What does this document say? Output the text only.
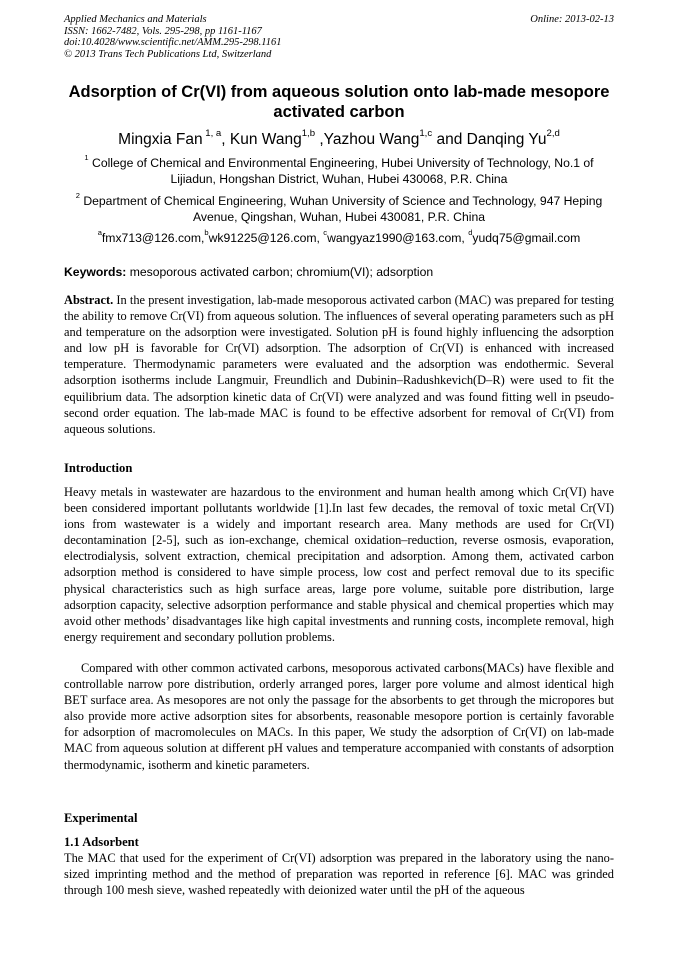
Applied Mechanics and Materials
ISSN: 1662-7482, Vols. 295-298, pp 1161-1167
doi:10.4028/www.scientific.net/AMM.295-298.1161
© 2013 Trans Tech Publications Ltd, Switzerland
Online: 2013-02-13
Adsorption of Cr(VI) from aqueous solution onto lab-made mesopore activated carbon
Mingxia Fan $^{1, a}$, Kun Wang$^{1,b}$ ,Yazhou Wang$^{1,c}$ and Danqing Yu$^{2,d}$
$^1$ College of Chemical and Environmental Engineering, Hubei University of Technology, No.1 of Lijiadun, Hongshan District, Wuhan, Hubei 430068, P.R. China
$^2$ Department of Chemical Engineering, Wuhan University of Science and Technology, 947 Heping Avenue, Qingshan, Wuhan, Hubei 430081, P.R. China
$^a$fmx713@126.com,$^b$wk91225@126.com, $^c$wangyaz1990@163.com, $^d$yudq75@gmail.com
Keywords: mesoporous activated carbon; chromium(VI); adsorption

Abstract. In the present investigation, lab-made mesoporous activated carbon (MAC) was prepared for testing the ability to remove Cr(VI) from aqueous solution. The influences of several operating parameters such as pH and temperature on the adsorption were investigated. Solution pH is found highly influencing the adsorption and low pH is favorable for Cr(VI) adsorption. The adsorption of Cr(VI) is enhanced with increased temperature. Thermodynamic parameters were evaluated and the adsorption was endothermic. Several adsorption isotherms include Langmuir, Freundlich and Dubinin–Radushkevich(D–R) were used to fit the equilibrium data. The adsorption kinetic data of Cr(VI) were analyzed and was found fitting well in pseudo-second order equation. The lab-made MAC is found to be effective adsorbent for removal of Cr(VI) from aqueous solutions.

Introduction

Heavy metals in wastewater are hazardous to the environment and human health among which Cr(VI) have been considered important pollutants worldwide [1].In last few decades, the removal of toxic metal Cr(VI) ions from wastewater is a widely and important research area. Many methods are used for Cr(VI) decontamination [2-5], such as ion-exchange, chemical oxidation–reduction, reverse osmosis, evaporation, electrodialysis, solvent extraction, chemical precipitation and adsorption. Among them, activated carbon adsorption method is considered to have simple process, low cost and perfect removal due to its specific physical characteristics such as high surface areas, large pore volume, suitable pore distribution, large adsorption capacity, selective adsorption performance and stable physical and chemical properties which may avoid other methods’ disadvantages like high capital investments and running costs, incomplete removal, high energy requirement and secondary pollution problems.

Compared with other common activated carbons, mesoporous activated carbons(MACs) have flexible and controllable narrow pore distribution, orderly arranged pores, larger pore volume and almost identical high BET surface area. As mesopores are not only the passage for the absorbents to get through the micropores but also provide more active adsorption sites for absorbents, reasonable mesopore portion is certainly favorable for adsorption of macromolecules on MACs. In this paper, We study the adsorption of Cr(VI) on lab-made MAC from aqueous solution at different pH values and temperature accompanied with constants of adsorption thermodynamic, isotherm and kinetic parameters.

Experimental
1.1 Adsorbent

The MAC that used for the experiment of Cr(VI) adsorption was prepared in the laboratory using the nano-sized imprinting method and the method of preparation was reported in reference [6]. MAC was grinded through 100 mesh sieve, washed repeatedly with deionized water until the pH of the aqueous
